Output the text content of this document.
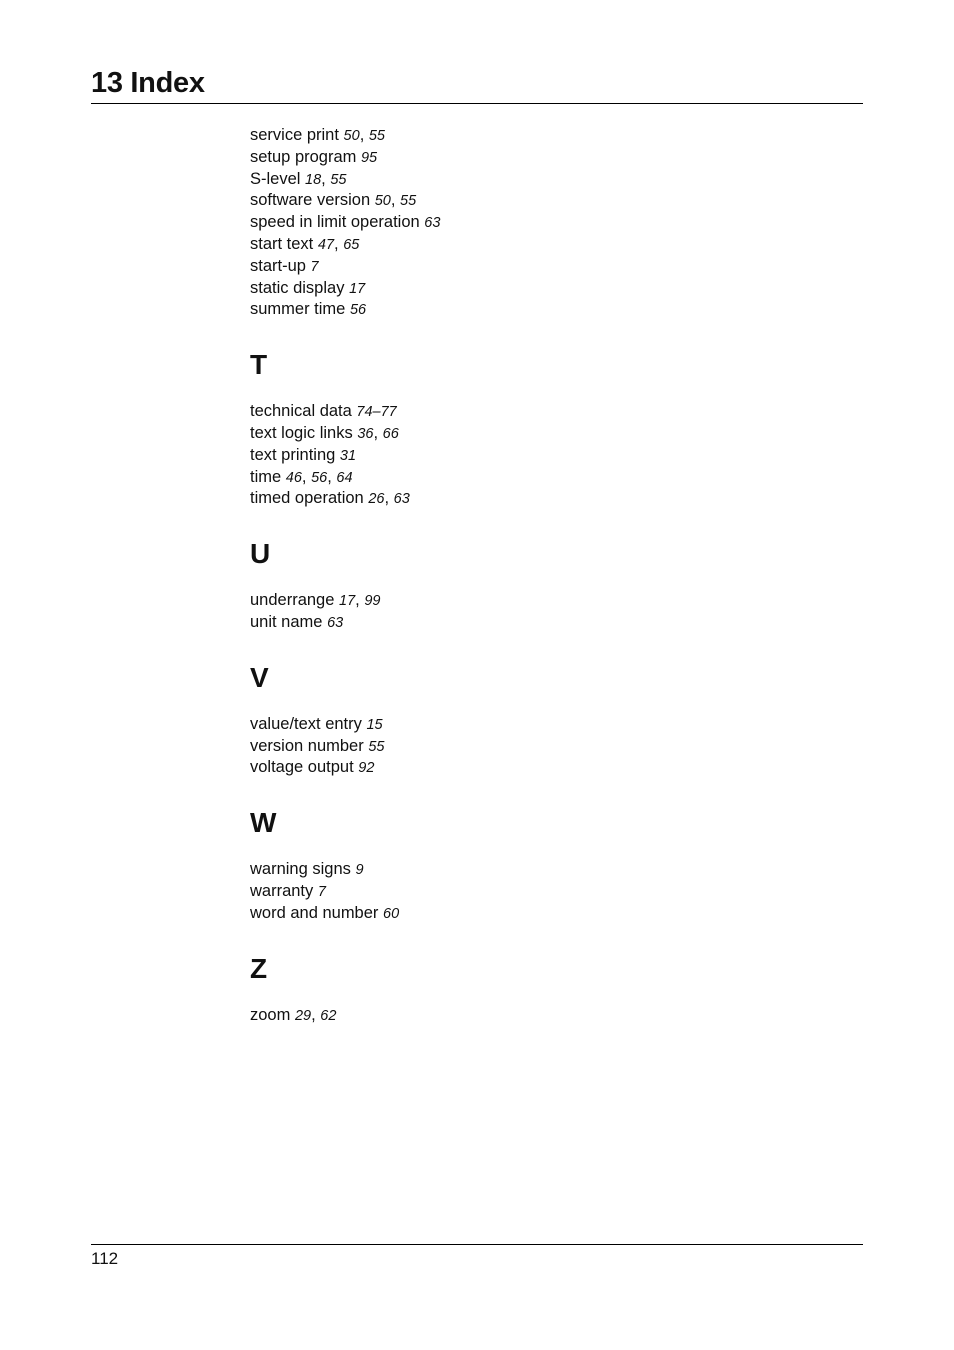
13 Index
service print 50, 55
setup program 95
S-level 18, 55
software version 50, 55
speed in limit operation 63
start text 47, 65
start-up 7
static display 17
summer time 56
T
technical data 74–77
text logic links 36, 66
text printing 31
time 46, 56, 64
timed operation 26, 63
U
underrange 17, 99
unit name 63
V
value/text entry 15
version number 55
voltage output 92
W
warning signs 9
warranty 7
word and number 60
Z
zoom 29, 62
112
